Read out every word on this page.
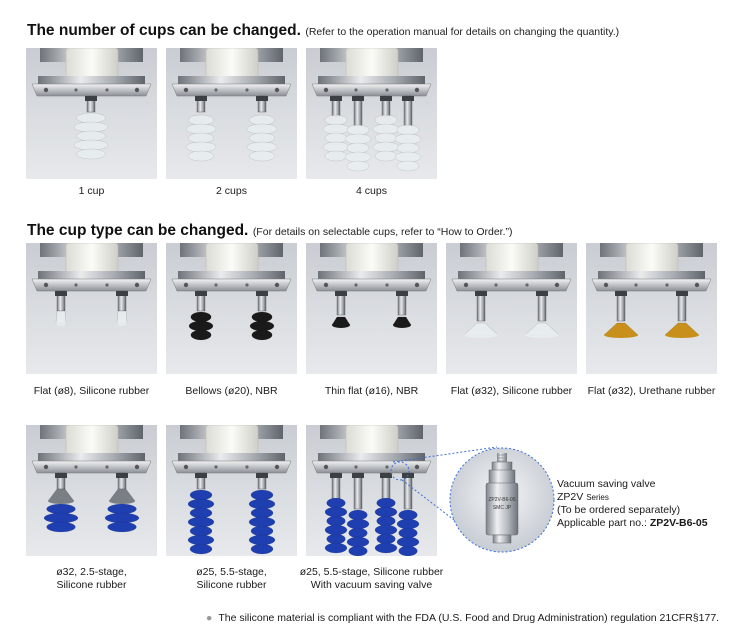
The number of cups can be changed. (Refer to the operation manual for details on changing the quantity.)
1 cup	2 cups	4 cups
The cup type can be changed. (For details on selectable cups, refer to “How to Order.”)
Flat (ø8), Silicone rubber	Bellows (ø20), NBR	Thin flat (ø16), NBR	Flat (ø32), Silicone rubber	Flat (ø32), Urethane rubber
ø32, 2.5-stage,
Silicone rubber
ø25, 5.5-stage,
Silicone rubber
ø25, 5.5-stage, Silicone rubber
With vacuum saving valve
ZP2V-B6-05
SMC JP
Vacuum saving valve
ZP2V Series
(To be ordered separately)
Applicable part no.: ZP2V-B6-05
● The silicone material is compliant with the FDA (U.S. Food and Drug Administration) regulation 21CFR§177.
